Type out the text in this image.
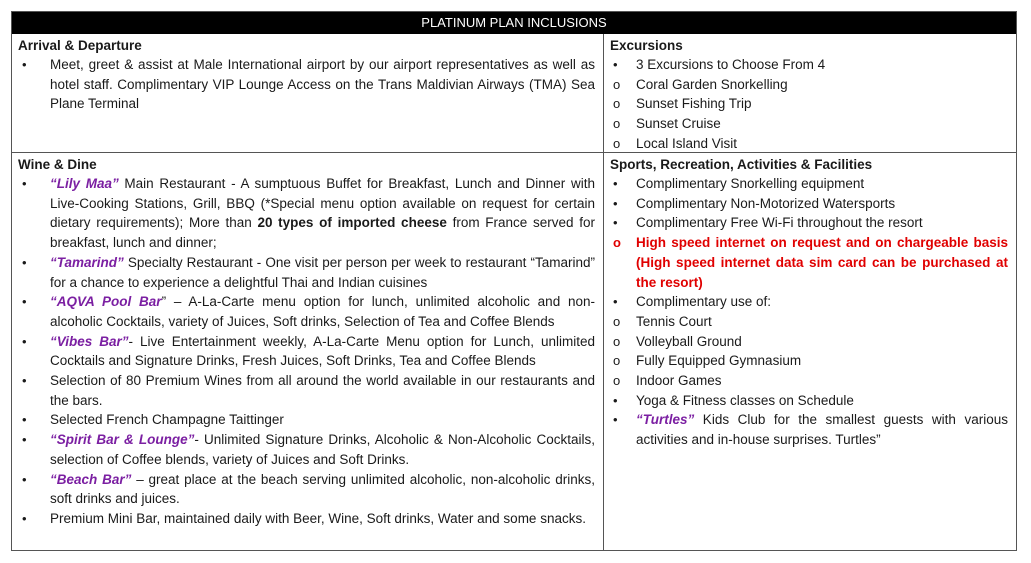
PLATINUM PLAN INCLUSIONS
Arrival & Departure
• Meet, greet & assist at Male International airport by our airport representatives as well as hotel staff. Complimentary VIP Lounge Access on the Trans Maldivian Airways (TMA) Sea Plane Terminal
Excursions
• 3 Excursions to Choose From 4
o Coral Garden Snorkelling
o Sunset Fishing Trip
o Sunset Cruise
o Local Island Visit
Wine & Dine
• “Lily Maa” Main Restaurant - A sumptuous Buffet for Breakfast, Lunch and Dinner with Live-Cooking Stations, Grill, BBQ (*Special menu option available on request for certain dietary requirements); More than 20 types of imported cheese from France served for breakfast, lunch and dinner;
• “Tamarind” Specialty Restaurant - One visit per person per week to restaurant “Tamarind” for a chance to experience a delightful Thai and Indian cuisines
• “AQVA Pool Bar” – A-La-Carte menu option for lunch, unlimited alcoholic and non-alcoholic Cocktails, variety of Juices, Soft drinks, Selection of Tea and Coffee Blends
• “Vibes Bar”- Live Entertainment weekly, A-La-Carte Menu option for Lunch, unlimited Cocktails and Signature Drinks, Fresh Juices, Soft Drinks, Tea and Coffee Blends
• Selection of 80 Premium Wines from all around the world available in our restaurants and the bars.
• Selected French Champagne Taittinger
• “Spirit Bar & Lounge”- Unlimited Signature Drinks, Alcoholic & Non-Alcoholic Cocktails, selection of Coffee blends, variety of Juices and Soft Drinks.
• “Beach Bar” – great place at the beach serving unlimited alcoholic, non-alcoholic drinks, soft drinks and juices.
• Premium Mini Bar, maintained daily with Beer, Wine, Soft drinks, Water and some snacks.
Sports, Recreation, Activities & Facilities
• Complimentary Snorkelling equipment
• Complimentary Non-Motorized Watersports
• Complimentary Free Wi-Fi throughout the resort
o High speed internet on request and on chargeable basis (High speed internet data sim card can be purchased at the resort)
• Complimentary use of:
o Tennis Court
o Volleyball Ground
o Fully Equipped Gymnasium
o Indoor Games
• Yoga & Fitness classes on Schedule
• “Turtles” Kids Club for the smallest guests with various activities and in-house surprises. Turtles”
